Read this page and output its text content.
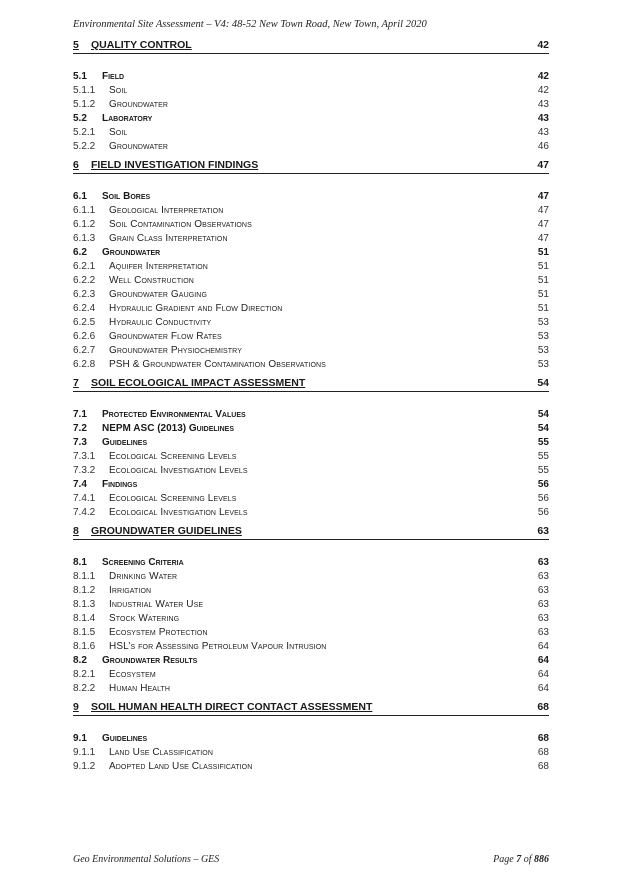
Environmental Site Assessment – V4: 48-52 New Town Road, New Town, April 2020
5 QUALITY CONTROL	42
5.1 Field	42
5.1.1 Soil	42
5.1.2 Groundwater	43
5.2 Laboratory	43
5.2.1 Soil	43
5.2.2 Groundwater	46
6 FIELD INVESTIGATION FINDINGS	47
6.1 Soil Bores	47
6.1.1 Geological Interpretation	47
6.1.2 Soil Contamination Observations	47
6.1.3 Grain Class Interpretation	47
6.2 Groundwater	51
6.2.1 Aquifer Interpretation	51
6.2.2 Well Construction	51
6.2.3 Groundwater Gauging	51
6.2.4 Hydraulic Gradient and Flow Direction	51
6.2.5 Hydraulic Conductivity	53
6.2.6 Groundwater Flow Rates	53
6.2.7 Groundwater Physiochemistry	53
6.2.8 PSH & Groundwater Contamination Observations	53
7 SOIL ECOLOGICAL IMPACT ASSESSMENT	54
7.1 Protected Environmental Values	54
7.2 NEPM ASC (2013) Guidelines	54
7.3 Guidelines	55
7.3.1 Ecological Screening Levels	55
7.3.2 Ecological Investigation Levels	55
7.4 Findings	56
7.4.1 Ecological Screening Levels	56
7.4.2 Ecological Investigation Levels	56
8 GROUNDWATER GUIDELINES	63
8.1 Screening Criteria	63
8.1.1 Drinking Water	63
8.1.2 Irrigation	63
8.1.3 Industrial Water Use	63
8.1.4 Stock Watering	63
8.1.5 Ecosystem Protection	63
8.1.6 HSL’s for Assessing Petroleum Vapour Intrusion	64
8.2 Groundwater Results	64
8.2.1 Ecosystem	64
8.2.2 Human Health	64
9 SOIL HUMAN HEALTH DIRECT CONTACT ASSESSMENT	68
9.1 Guidelines	68
9.1.1 Land Use Classification	68
9.1.2 Adopted Land Use Classification	68
Geo Environmental Solutions – GES	Page 7 of 886
